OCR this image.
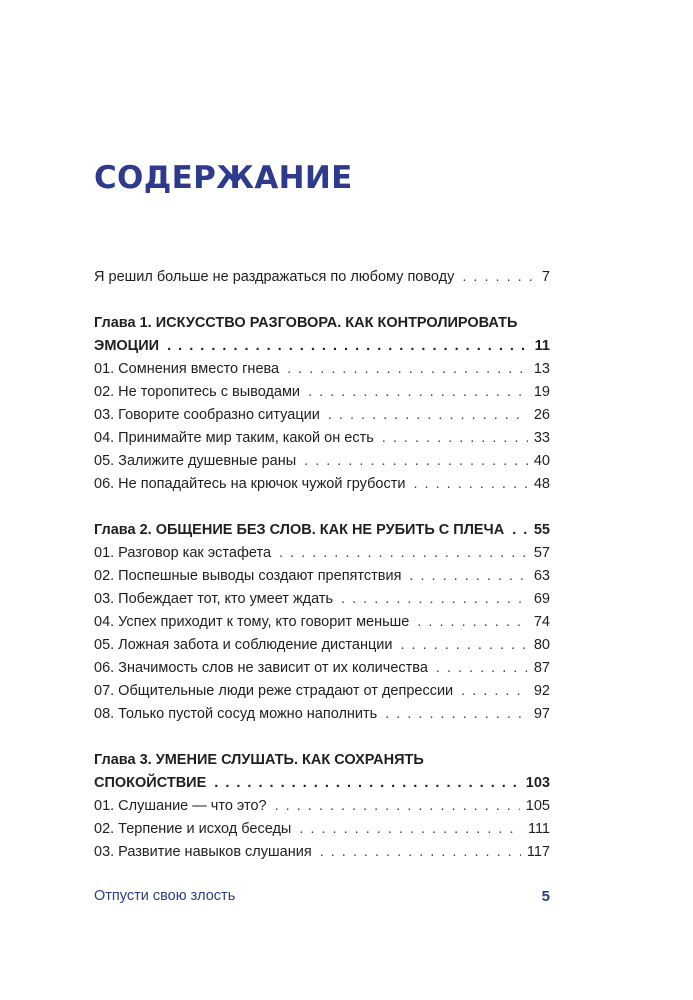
СОДЕРЖАНИЕ
Я решил больше не раздражаться по любому поводу . . .	7
Глава 1. ИСКУССТВО РАЗГОВОРА. КАК КОНТРОЛИРОВАТЬ
ЭМОЦИИ . . .	11
01. Сомнения вместо гнева . . .	13
02. Не торопитесь с выводами . . .	19
03. Говорите сообразно ситуации . . .	26
04. Принимайте мир таким, какой он есть . . .	33
05. Залижите душевные раны . . .	40
06. Не попадайтесь на крючок чужой грубости . . .	48
Глава 2. ОБЩЕНИЕ БЕЗ СЛОВ. КАК НЕ РУБИТЬ С ПЛЕЧА . . . 55
01. Разговор как эстафета . . .	57
02. Поспешные выводы создают препятствия . . .	63
03. Побеждает тот, кто умеет ждать . . .	69
04. Успех приходит к тому, кто говорит меньше . . .	74
05. Ложная забота и соблюдение дистанции . . .	80
06. Значимость слов не зависит от их количества . . .	87
07. Общительные люди реже страдают от депрессии . . .	92
08. Только пустой сосуд можно наполнить . . .	97
Глава 3. УМЕНИЕ СЛУШАТЬ. КАК СОХРАНЯТЬ
СПОКОЙСТВИЕ . . .	103
01. Слушание — что это? . . .	105
02. Терпение и исход беседы . . .	111
03. Развитие навыков слушания . . .	117
Отпусти свою злость	5
